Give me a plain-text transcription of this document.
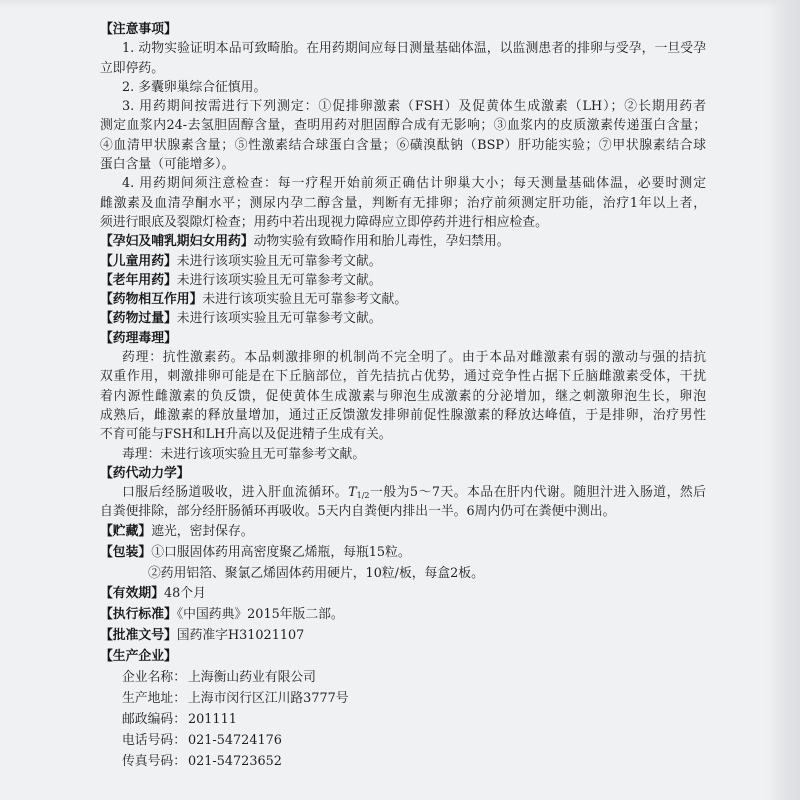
【注意事项】
1. 动物实验证明本品可致畸胎。在用药期间应每日测量基础体温，以监测患者的排卵与受孕，一旦受孕
立即停药。
2. 多囊卵巢综合征慎用。
3. 用药期间按需进行下列测定：①促排卵激素（FSH）及促黄体生成激素（LH）；②长期用药者
测定血浆内24-去氢胆固醇含量，查明用药对胆固醇合成有无影响；③血浆内的皮质激素传递蛋白含量；
④血清甲状腺素含量；⑤性激素结合球蛋白含量；⑥磺溴酞钠（BSP）肝功能实验；⑦甲状腺素结合球
蛋白含量（可能增多）。
4. 用药期间须注意检查：每一疗程开始前须正确估计卵巢大小；每天测量基础体温，必要时测定
雌激素及血清孕酮水平；测尿内孕二醇含量，判断有无排卵；治疗前须测定肝功能，治疗1年以上者，
须进行眼底及裂隙灯检查；用药中若出现视力障碍应立即停药并进行相应检查。
【孕妇及哺乳期妇女用药】动物实验有致畸作用和胎儿毒性，孕妇禁用。
【儿童用药】未进行该项实验且无可靠参考文献。
【老年用药】未进行该项实验且无可靠参考文献。
【药物相互作用】未进行该项实验且无可靠参考文献。
【药物过量】未进行该项实验且无可靠参考文献。
【药理毒理】
药理：抗性激素药。本品刺激排卵的机制尚不完全明了。由于本品对雌激素有弱的激动与强的拮抗
双重作用，刺激排卵可能是在下丘脑部位，首先拮抗占优势，通过竞争性占据下丘脑雌激素受体，干扰
着内源性雌激素的负反馈，促使黄体生成激素与卵泡生成激素的分泌增加，继之刺激卵泡生长，卵泡
成熟后，雌激素的释放量增加，通过正反馈激发排卵前促性腺激素的释放达峰值，于是排卵，治疗男性
不育可能与FSH和LH升高以及促进精子生成有关。
毒理：未进行该项实验且无可靠参考文献。
【药代动力学】
口服后经肠道吸收，进入肝血流循环。$T_{1/2}$一般为5～7天。本品在肝内代谢。随胆汁进入肠道，然后
自粪便排除，部分经肝肠循环再吸收。5天内自粪便内排出一半。6周内仍可在粪便中测出。
【贮藏】遮光，密封保存。
【包装】①口服固体药用高密度聚乙烯瓶，每瓶15粒。
②药用铝箔、聚氯乙烯固体药用硬片，10粒/板，每盒2板。
【有效期】48个月
【执行标准】《中国药典》2015年版二部。
【批准文号】国药准字H31021107
【生产企业】
企业名称： 上海衡山药业有限公司
生产地址： 上海市闵行区江川路3777号
邮政编码： 201111
电话号码： 021-54724176
传真号码： 021-54723652
